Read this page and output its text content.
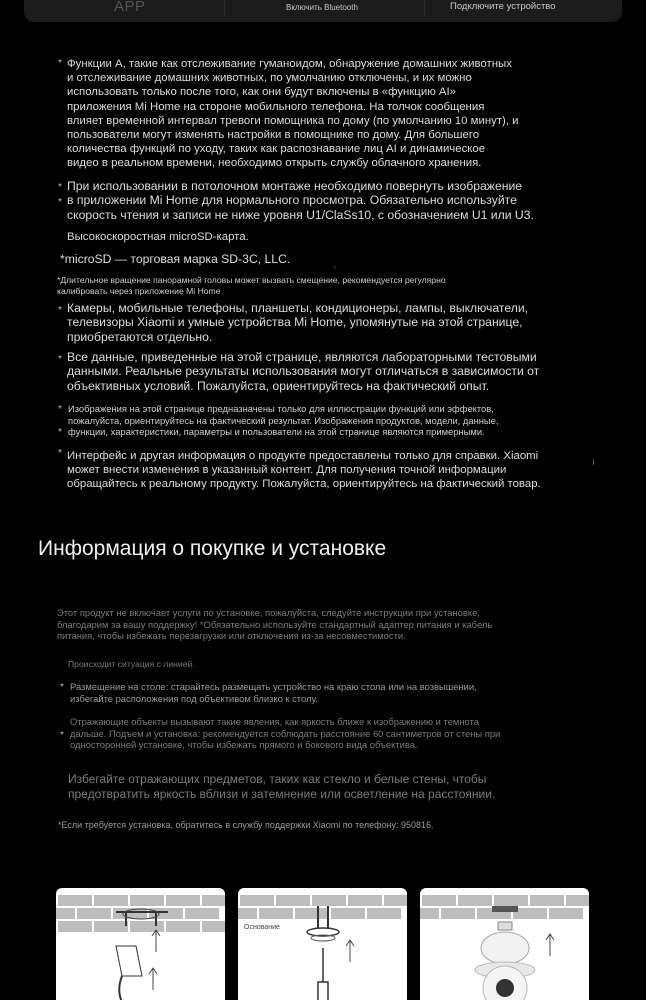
APP	Включить Bluetooth	Подключите устройство
* Функции A, такие как отслеживание гуманоидом, обнаружение домашних животных
и отслеживание домашних животных, по умолчанию отключены, и их можно
использовать только после того, как они будут включены в «функцию AI»
приложения Mi Home на стороне мобильного телефона. На толчок сообщения
влияет временной интервал тревоги помощника по дому (по умолчанию 10 минут), и
пользователи могут изменять настройки в помощнике по дому. Для большего
количества функций по уходу, таких как распознавание лиц AI и динамическое
видео в реальном времени, необходимо открыть службу облачного хранения.
*
*
При использовании в потолочном монтаже необходимо повернуть изображение
в приложении Mi Home для нормального просмотра. Обязательно используйте
скорость чтения и записи не ниже уровня U1/ClaSs10, с обозначением U1 или U3.
Высокоскоростная microSD-карта.
*microSD — торговая марка SD-3C, LLC.
◦
*Длительное вращение панорамной головы может вызвать смещение, рекомендуется регулярно
калибровать через приложение Mi Home
* Камеры, мобильные телефоны, планшеты, кондиционеры, лампы, выключатели,
телевизоры Xiaomi и умные устройства Mi Home, упомянутые на этой странице,
приобретаются отдельно.
* Все данные, приведенные на этой странице, являются лабораторными тестовыми
данными. Реальные результаты использования могут отличаться в зависимости от
объективных условий. Пожалуйста, ориентируйтесь на фактический опыт.
*
*
Изображения на этой странице предназначены только для иллюстрации функций или эффектов,
пожалуйста, ориентируйтесь на фактический результат. Изображения продуктов, модели, данные,
функции, характеристики, параметры и пользователи на этой странице являются примерными.
* Интерфейс и другая информация о продукте предоставлены только для справки. Xiaomi
может внести изменения в указанный контент. Для получения точной информации
обращайтесь к реальному продукту. Пожалуйста, ориентируйтесь на фактический товар.
ı
Информация о покупке и установке
Этот продукт не включает услуги по установке, пожалуйста, следуйте инструкции при установке,
благодарим за вашу поддержку! *Обязательно используйте стандартный адаптер питания и кабель
питания, чтобы избежать перезагрузки или отключения из-за несовместимости.
Происходит ситуация с линией.
* Размещение на столе: старайтесь размещать устройство на краю стола или на возвышении,
избегайте расположения под объективом близко к столу.
*
Отражающие объекты вызывают такие явления, как яркость ближе к изображению и темнота
дальше. Подъем и установка: рекомендуется соблюдать расстояние 60 сантиметров от стены при
односторонней установке, чтобы избежать прямого и бокового вида объектива.
Избегайте отражающих предметов, таких как стекло и белые стены, чтобы
предотвратить яркость вблизи и затемнение или осветление на расстоянии.
*Если требуется установка, обратитесь в службу поддержки Xiaomi по телефону: 950816.
Основание
